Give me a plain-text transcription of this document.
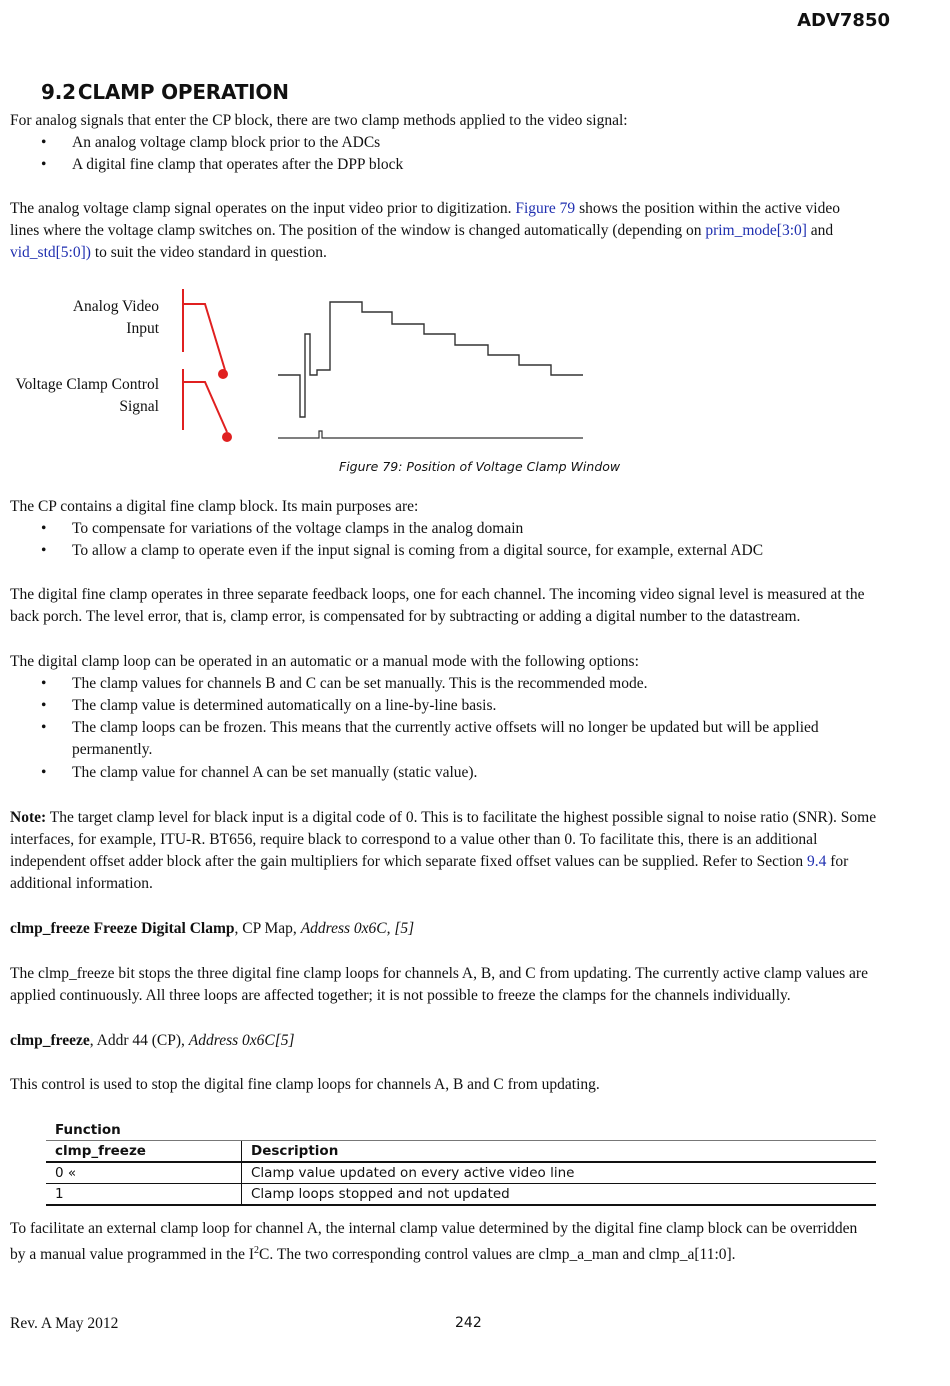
ADV7850
9.2 CLAMP OPERATION
For analog signals that enter the CP block, there are two clamp methods applied to the video signal:
• An analog voltage clamp block prior to the ADCs
• A digital fine clamp that operates after the DPP block
The analog voltage clamp signal operates on the input video prior to digitization. Figure 79 shows the position within the active video
lines where the voltage clamp switches on. The position of the window is changed automatically (depending on prim_mode[3:0] and
vid_std[5:0]) to suit the video standard in question.
Analog Video
Input
Voltage Clamp Control
Signal
Figure 79: Position of Voltage Clamp Window
The CP contains a digital fine clamp block. Its main purposes are:
• To compensate for variations of the voltage clamps in the analog domain
• To allow a clamp to operate even if the input signal is coming from a digital source, for example, external ADC
The digital fine clamp operates in three separate feedback loops, one for each channel. The incoming video signal level is measured at the
back porch. The level error, that is, clamp error, is compensated for by subtracting or adding a digital number to the datastream.
The digital clamp loop can be operated in an automatic or a manual mode with the following options:
• The clamp values for channels B and C can be set manually. This is the recommended mode.
• The clamp value is determined automatically on a line-by-line basis.
• The clamp loops can be frozen. This means that the currently active offsets will no longer be updated but will be applied
permanently.
• The clamp value for channel A can be set manually (static value).
Note: The target clamp level for black input is a digital code of 0. This is to facilitate the highest possible signal to noise ratio (SNR). Some
interfaces, for example, ITU-R. BT656, require black to correspond to a value other than 0. To facilitate this, there is an additional
independent offset adder block after the gain multipliers for which separate fixed offset values can be supplied. Refer to Section 9.4 for
additional information.
clmp_freeze Freeze Digital Clamp, CP Map, Address 0x6C, [5]
The clmp_freeze bit stops the three digital fine clamp loops for channels A, B, and C from updating. The currently active clamp values are
applied continuously. All three loops are affected together; it is not possible to freeze the clamps for the channels individually.
clmp_freeze, Addr 44 (CP), Address 0x6C[5]
This control is used to stop the digital fine clamp loops for channels A, B and C from updating.
Function	
clmp_freeze	Description
0 «	Clamp value updated on every active video line
1	Clamp loops stopped and not updated
To facilitate an external clamp loop for channel A, the internal clamp value determined by the digital fine clamp block can be overridden
by a manual value programmed in the $I^2C$. The two corresponding control values are clmp_a_man and clmp_a[11:0].
Rev. A May 2012	242
